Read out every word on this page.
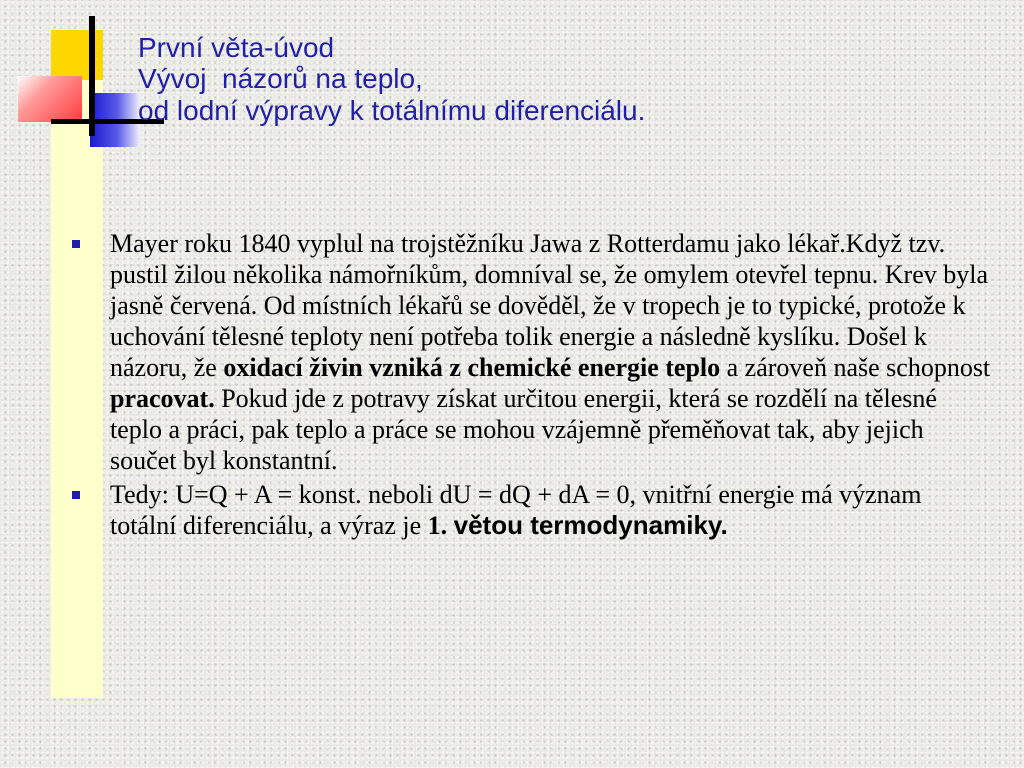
První věta-úvod
Vývoj  názorů na teplo,
od lodní výpravy k totálnímu diferenciálu.
Mayer roku 1840 vyplul na trojstěžníku Jawa z Rotterdamu jako lékař.Když tzv. pustil žilou několika námořníkům, domníval se, že omylem otevřel tepnu. Krev byla jasně červená. Od místních lékařů se dověděl, že v tropech je to typické, protože k uchování tělesné teploty není potřeba tolik energie a následně kyslíku. Došel k názoru, že oxidací živin vzniká z chemické energie teplo a zároveň naše schopnost pracovat. Pokud jde z potravy získat určitou energii, která se rozdělí na tělesné teplo a práci, pak teplo a práce se mohou vzájemně přeměňovat tak, aby jejich součet byl konstantní.
Tedy: U=Q + A = konst. neboli dU = dQ + dA = 0, vnitřní energie má význam totální diferenciálu, a výraz je 1. větou termodynamiky.
